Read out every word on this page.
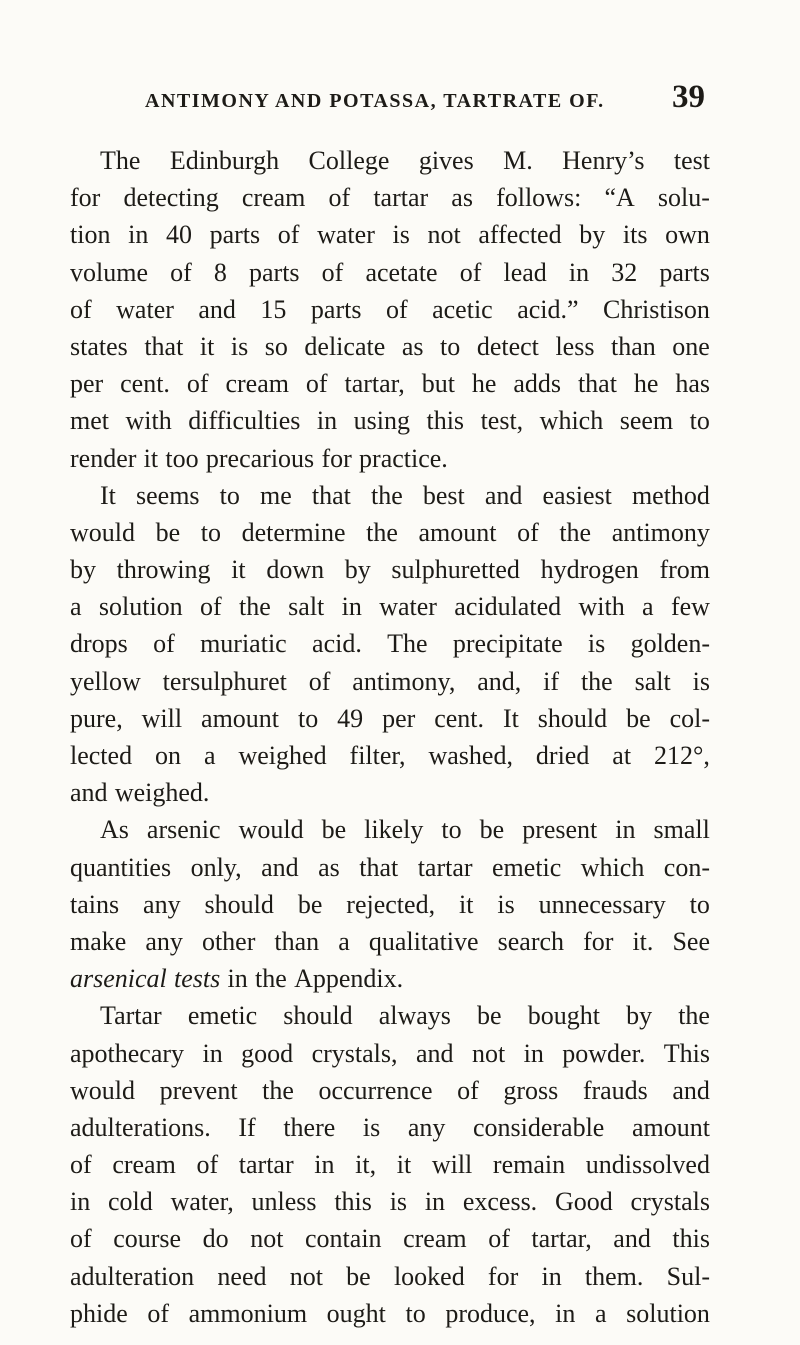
ANTIMONY AND POTASSA, TARTRATE OF. 39
The Edinburgh College gives M. Henry’s test
for detecting cream of tartar as follows: “A solu-
tion in 40 parts of water is not affected by its own
volume of 8 parts of acetate of lead in 32 parts
of water and 15 parts of acetic acid.” Christison
states that it is so delicate as to detect less than one
per cent. of cream of tartar, but he adds that he has
met with difficulties in using this test, which seem to
render it too precarious for practice.
It seems to me that the best and easiest method
would be to determine the amount of the antimony
by throwing it down by sulphuretted hydrogen from
a solution of the salt in water acidulated with a few
drops of muriatic acid. The precipitate is golden-
yellow tersulphuret of antimony, and, if the salt is
pure, will amount to 49 per cent. It should be col-
lected on a weighed filter, washed, dried at 212°,
and weighed.
As arsenic would be likely to be present in small
quantities only, and as that tartar emetic which con-
tains any should be rejected, it is unnecessary to
make any other than a qualitative search for it. See
arsenical tests in the Appendix.
Tartar emetic should always be bought by the
apothecary in good crystals, and not in powder. This
would prevent the occurrence of gross frauds and
adulterations. If there is any considerable amount
of cream of tartar in it, it will remain undissolved
in cold water, unless this is in excess. Good crystals
of course do not contain cream of tartar, and this
adulteration need not be looked for in them. Sul-
phide of ammonium ought to produce, in a solution
